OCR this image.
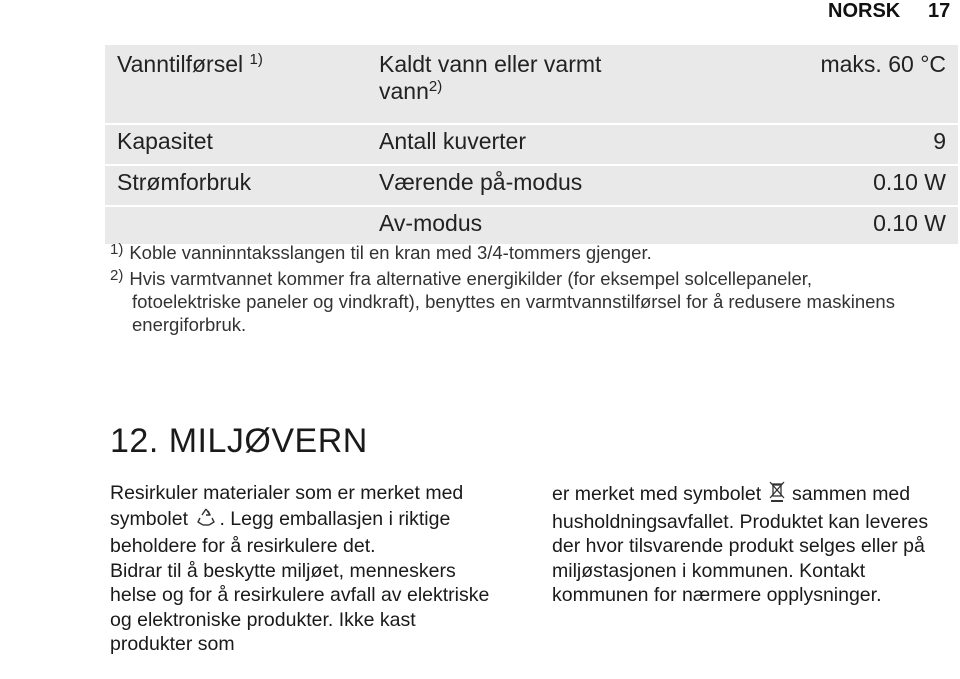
NORSK 17
Vanntilførsel $^{1)}$	Kaldt vann eller varmt vann$^{2)}$	maks. 60 °C
Kapasitet	Antall kuverter	9
Strømforbruk	Værende på-modus	0.10 W
	Av-modus	0.10 W
$^{1)}$ Koble vanninntaksslangen til en kran med 3/4-tommers gjenger.
$^{2)}$ Hvis varmtvannet kommer fra alternative energikilder (for eksempel solcellepaneler,
fotoelektriske paneler og vindkraft), benyttes en varmtvannstilførsel for å redusere maskinens energiforbruk.
12. MILJØVERN
Resirkuler materialer som er merket med symbolet . Legg emballasjen i riktige beholdere for å resirkulere det.
Bidrar til å beskytte miljøet, menneskers helse og for å resirkulere avfall av elektriske og elektroniske produkter. Ikke kast produkter som
er merket med symbolet sammen med husholdningsavfallet. Produktet kan leveres der hvor tilsvarende produkt selges eller på miljøstasjonen i kommunen. Kontakt kommunen for nærmere opplysninger.
